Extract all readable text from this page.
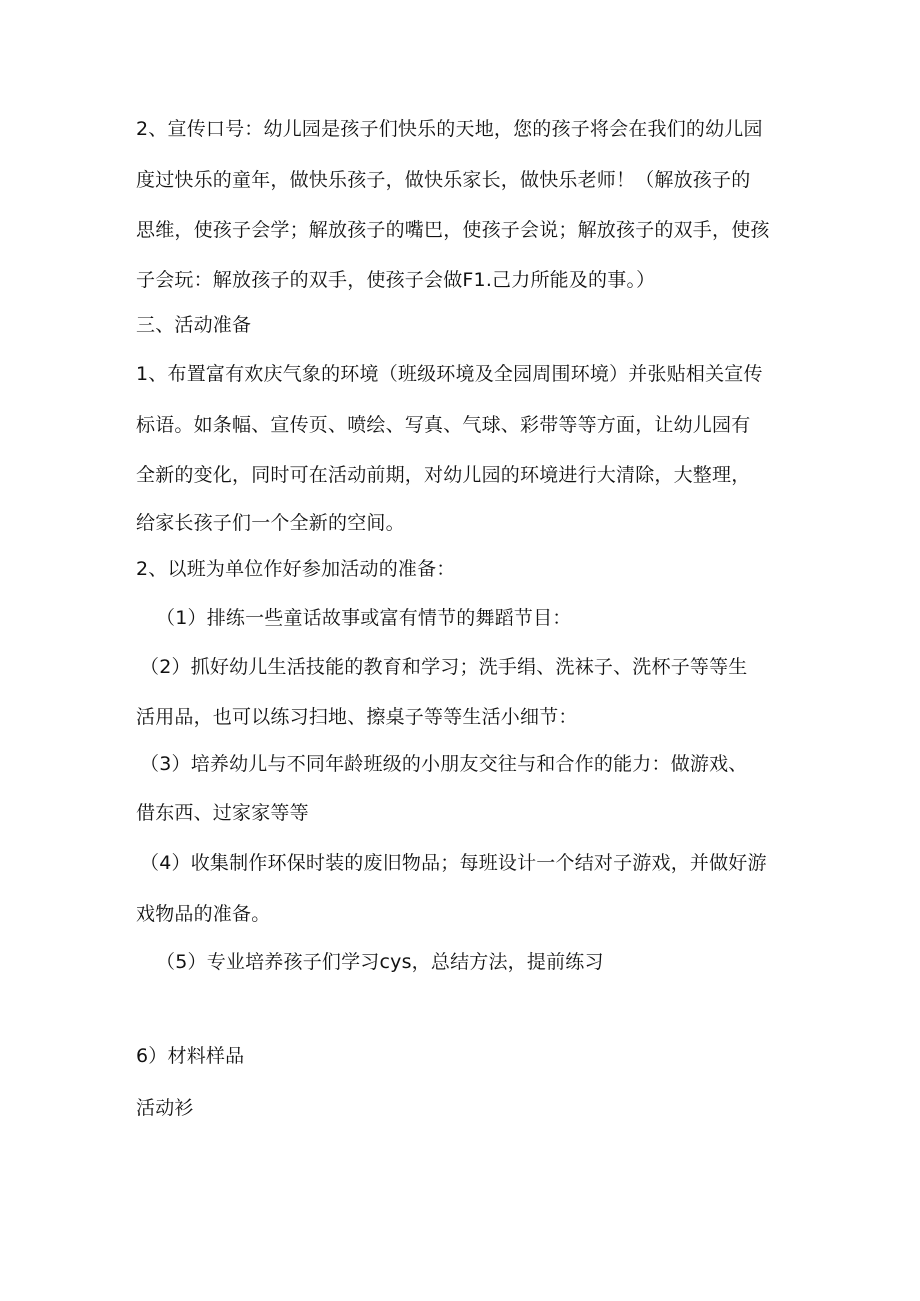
2、宣传口号：幼儿园是孩子们快乐的天地，您的孩子将会在我们的幼儿园

度过快乐的童年，做快乐孩子，做快乐家长，做快乐老师！（解放孩子的

思维，使孩子会学；解放孩子的嘴巴，使孩子会说；解放孩子的双手，使孩

子会玩：解放孩子的双手，使孩子会做F1.己力所能及的事。）

三、活动准备

1、布置富有欢庆气象的环境（班级环境及全园周围环境）并张贴相关宣传

标语。如条幅、宣传页、喷绘、写真、气球、彩带等等方面，让幼儿园有

全新的变化，同时可在活动前期，对幼儿园的环境进行大清除，大整理，

给家长孩子们一个全新的空间。

2、以班为单位作好参加活动的准备：

（1）排练一些童话故事或富有情节的舞蹈节目：

（2）抓好幼儿生活技能的教育和学习；洗手绢、洗袜子、洗杯子等等生

活用品，也可以练习扫地、擦桌子等等生活小细节：

（3）培养幼儿与不同年龄班级的小朋友交往与和合作的能力：做游戏、

借东西、过家家等等

（4）收集制作环保时装的废旧物品；每班设计一个结对子游戏，并做好游

戏物品的准备。

（5）专业培养孩子们学习cys，总结方法，提前练习

6）材料样品

活动衫
